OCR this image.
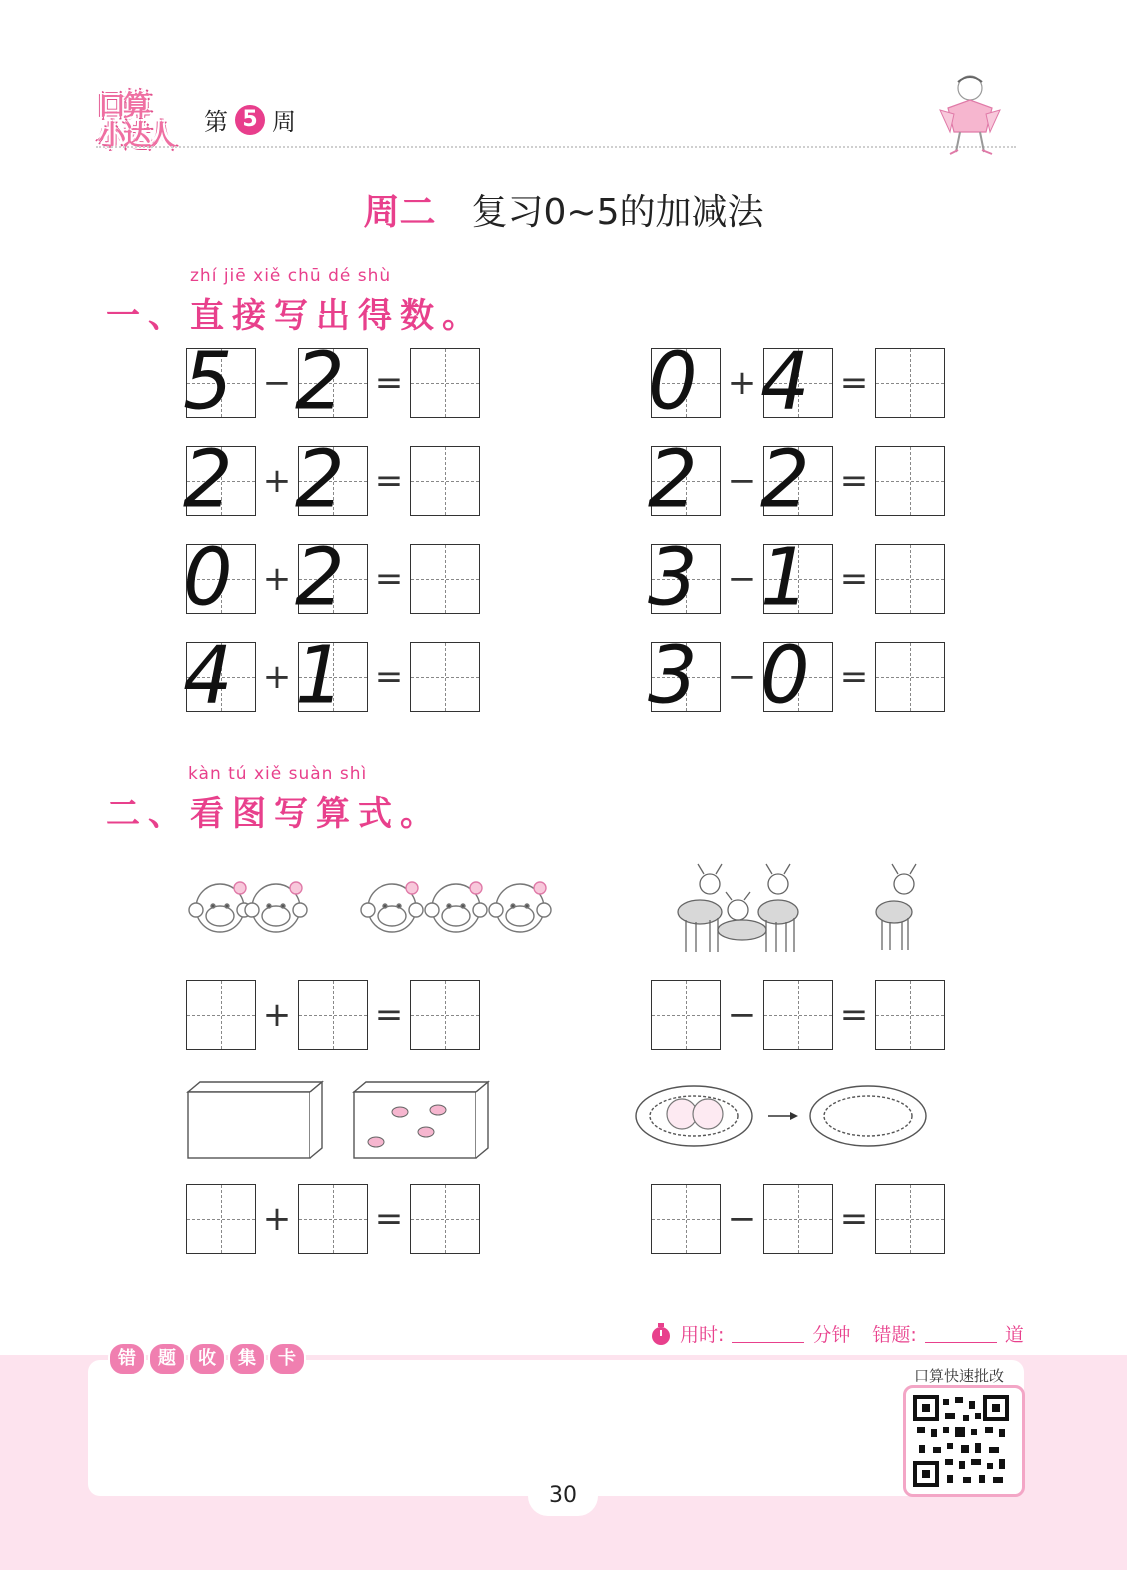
口算
小达人 第 5 周
周二 复习0~5的加减法
zhí jiē xiě chū dé shù
一、直接写出得数。
5 − 2 =
2 + 2 =
0 + 2 =
4 + 1 =
0 + 4 =
2 − 2 =
3 − 1 =
3 − 0 =
kàn tú xiě suàn shì
二、看图写算式。
+ =	− =
+ =	− =
用时:	分钟 错题:	道
错	题	收	集	卡
口算快速批改
30
